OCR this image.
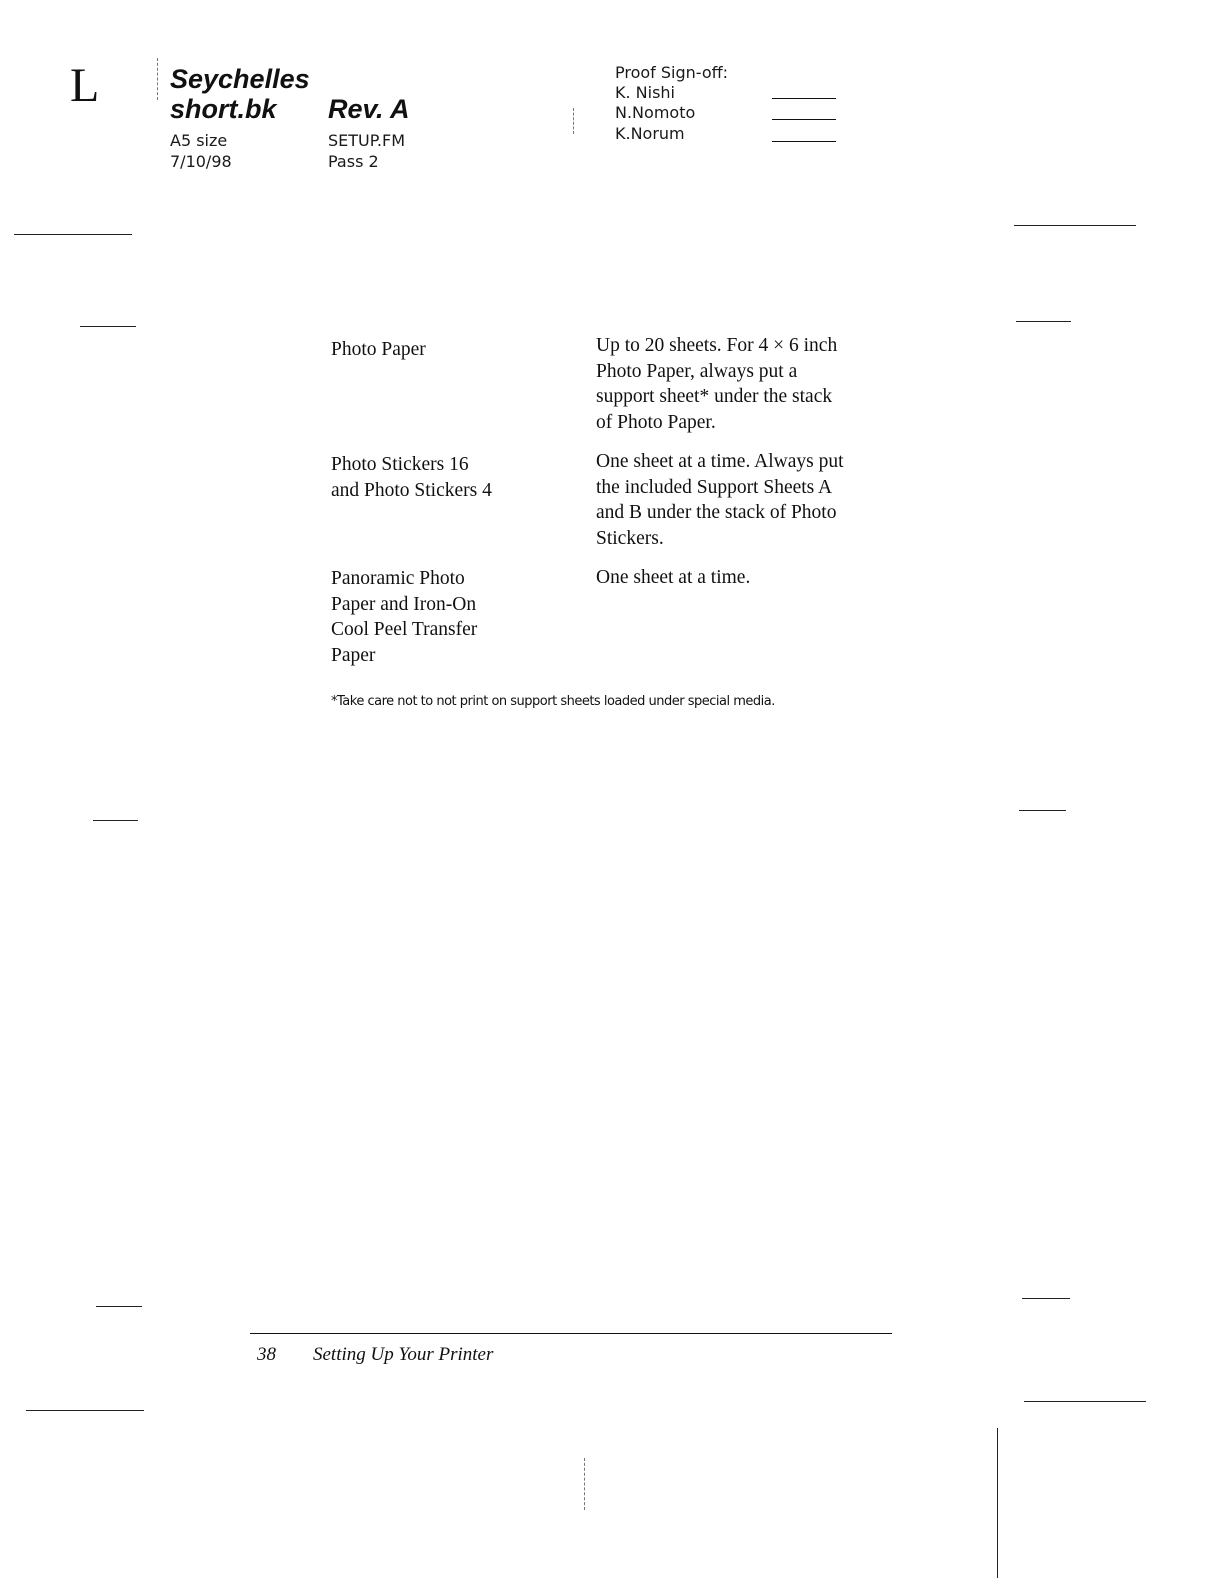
L	Seychelles
short.bk
A5 size
7/10/98
Rev. A
SETUP.FM
Pass 2
Proof Sign-off:
K. Nishi
N.Nomoto
K.Norum
Photo Paper	Up to 20 sheets. For 4 × 6 inch
Photo Paper, always put a
support sheet* under the stack
of Photo Paper.
Photo Stickers 16
and Photo Stickers 4
One sheet at a time. Always put
the included Support Sheets A
and B under the stack of Photo
Stickers.
Panoramic Photo
Paper and Iron-On
Cool Peel Transfer
Paper
One sheet at a time.
*Take care not to not print on support sheets loaded under special media.
38 Setting Up Your Printer
